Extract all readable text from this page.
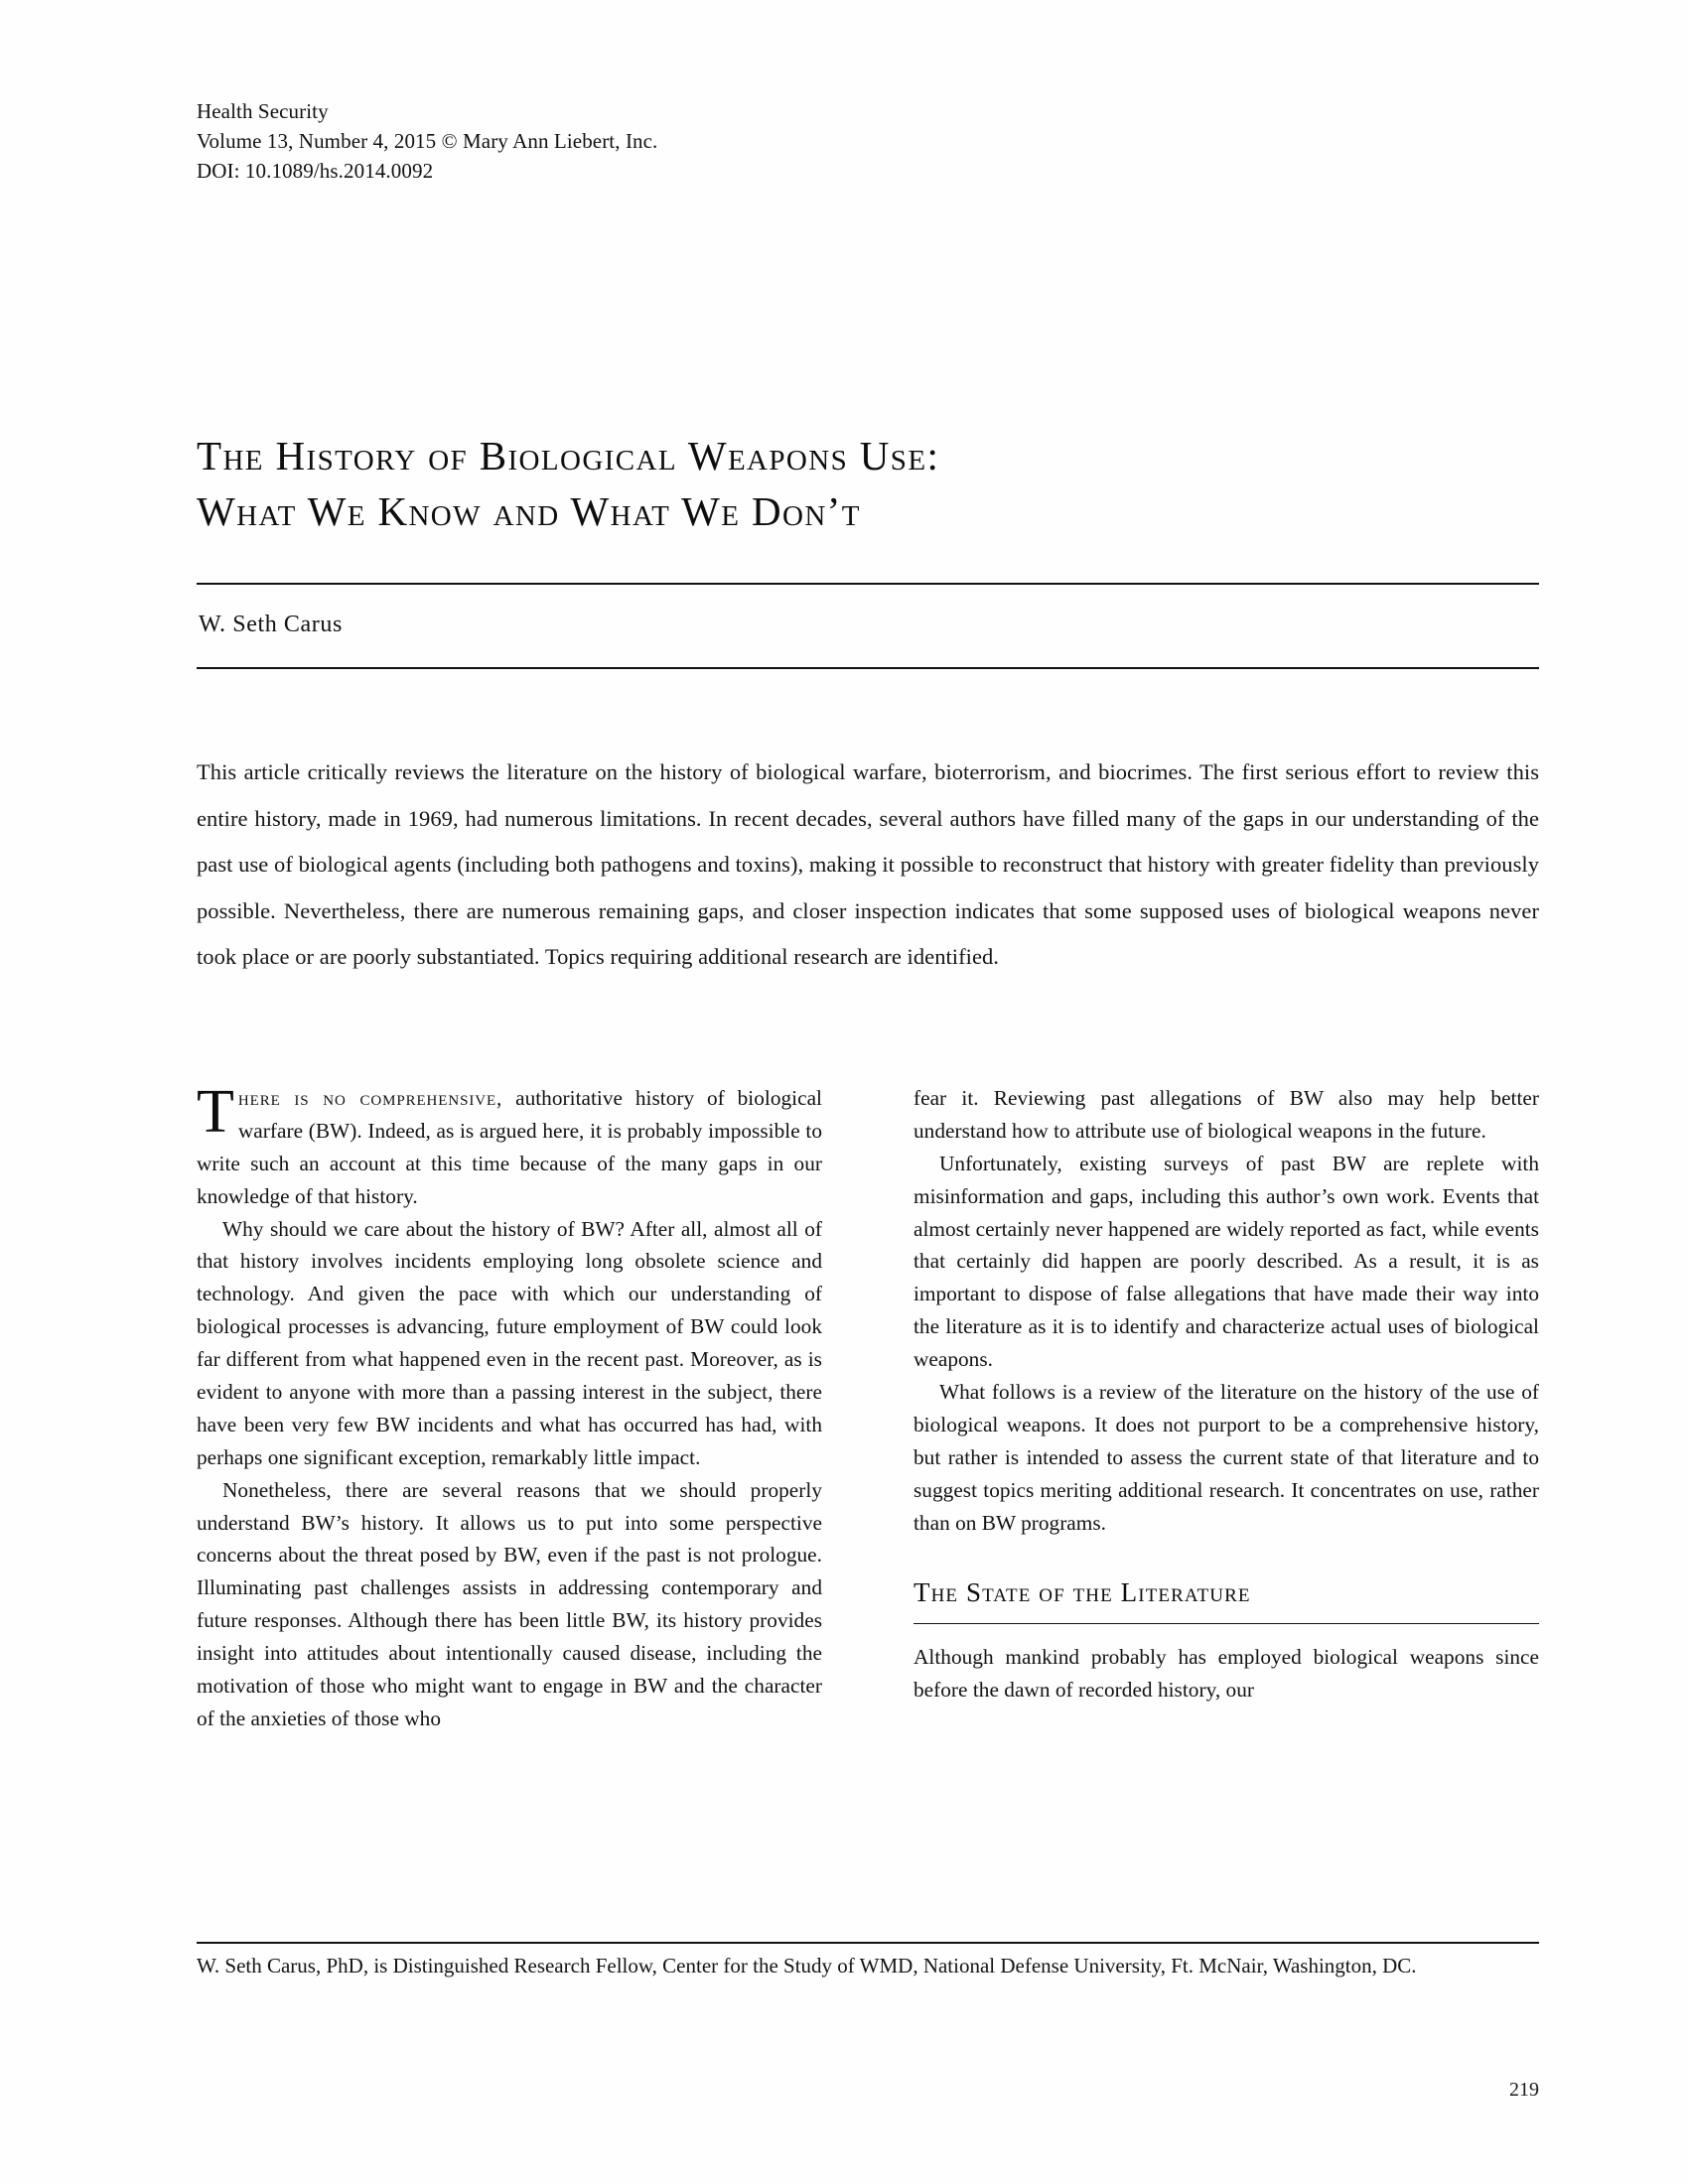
Health Security
Volume 13, Number 4, 2015 © Mary Ann Liebert, Inc.
DOI: 10.1089/hs.2014.0092
The History of Biological Weapons Use:
What We Know and What We Don’t
W. Seth Carus
This article critically reviews the literature on the history of biological warfare, bioterrorism, and biocrimes. The first serious effort to review this entire history, made in 1969, had numerous limitations. In recent decades, several authors have filled many of the gaps in our understanding of the past use of biological agents (including both pathogens and toxins), making it possible to reconstruct that history with greater fidelity than previously possible. Nevertheless, there are numerous remaining gaps, and closer inspection indicates that some supposed uses of biological weapons never took place or are poorly substantiated. Topics requiring additional research are identified.

There is no comprehensive, authoritative history of biological warfare (BW). Indeed, as is argued here, it is probably impossible to write such an account at this time because of the many gaps in our knowledge of that history.

Why should we care about the history of BW? After all, almost all of that history involves incidents employing long obsolete science and technology. And given the pace with which our understanding of biological processes is advancing, future employment of BW could look far different from what happened even in the recent past. Moreover, as is evident to anyone with more than a passing interest in the subject, there have been very few BW incidents and what has occurred has had, with perhaps one significant exception, remarkably little impact.

Nonetheless, there are several reasons that we should properly understand BW’s history. It allows us to put into some perspective concerns about the threat posed by BW, even if the past is not prologue. Illuminating past challenges assists in addressing contemporary and future responses. Although there has been little BW, its history provides insight into attitudes about intentionally caused disease, including the motivation of those who might want to engage in BW and the character of the anxieties of those who

fear it. Reviewing past allegations of BW also may help better understand how to attribute use of biological weapons in the future.

Unfortunately, existing surveys of past BW are replete with misinformation and gaps, including this author’s own work. Events that almost certainly never happened are widely reported as fact, while events that certainly did happen are poorly described. As a result, it is as important to dispose of false allegations that have made their way into the literature as it is to identify and characterize actual uses of biological weapons.

What follows is a review of the literature on the history of the use of biological weapons. It does not purport to be a comprehensive history, but rather is intended to assess the current state of that literature and to suggest topics meriting additional research. It concentrates on use, rather than on BW programs.

The State of the Literature

Although mankind probably has employed biological weapons since before the dawn of recorded history, our

W. Seth Carus, PhD, is Distinguished Research Fellow, Center for the Study of WMD, National Defense University, Ft. McNair, Washington, DC.
219
